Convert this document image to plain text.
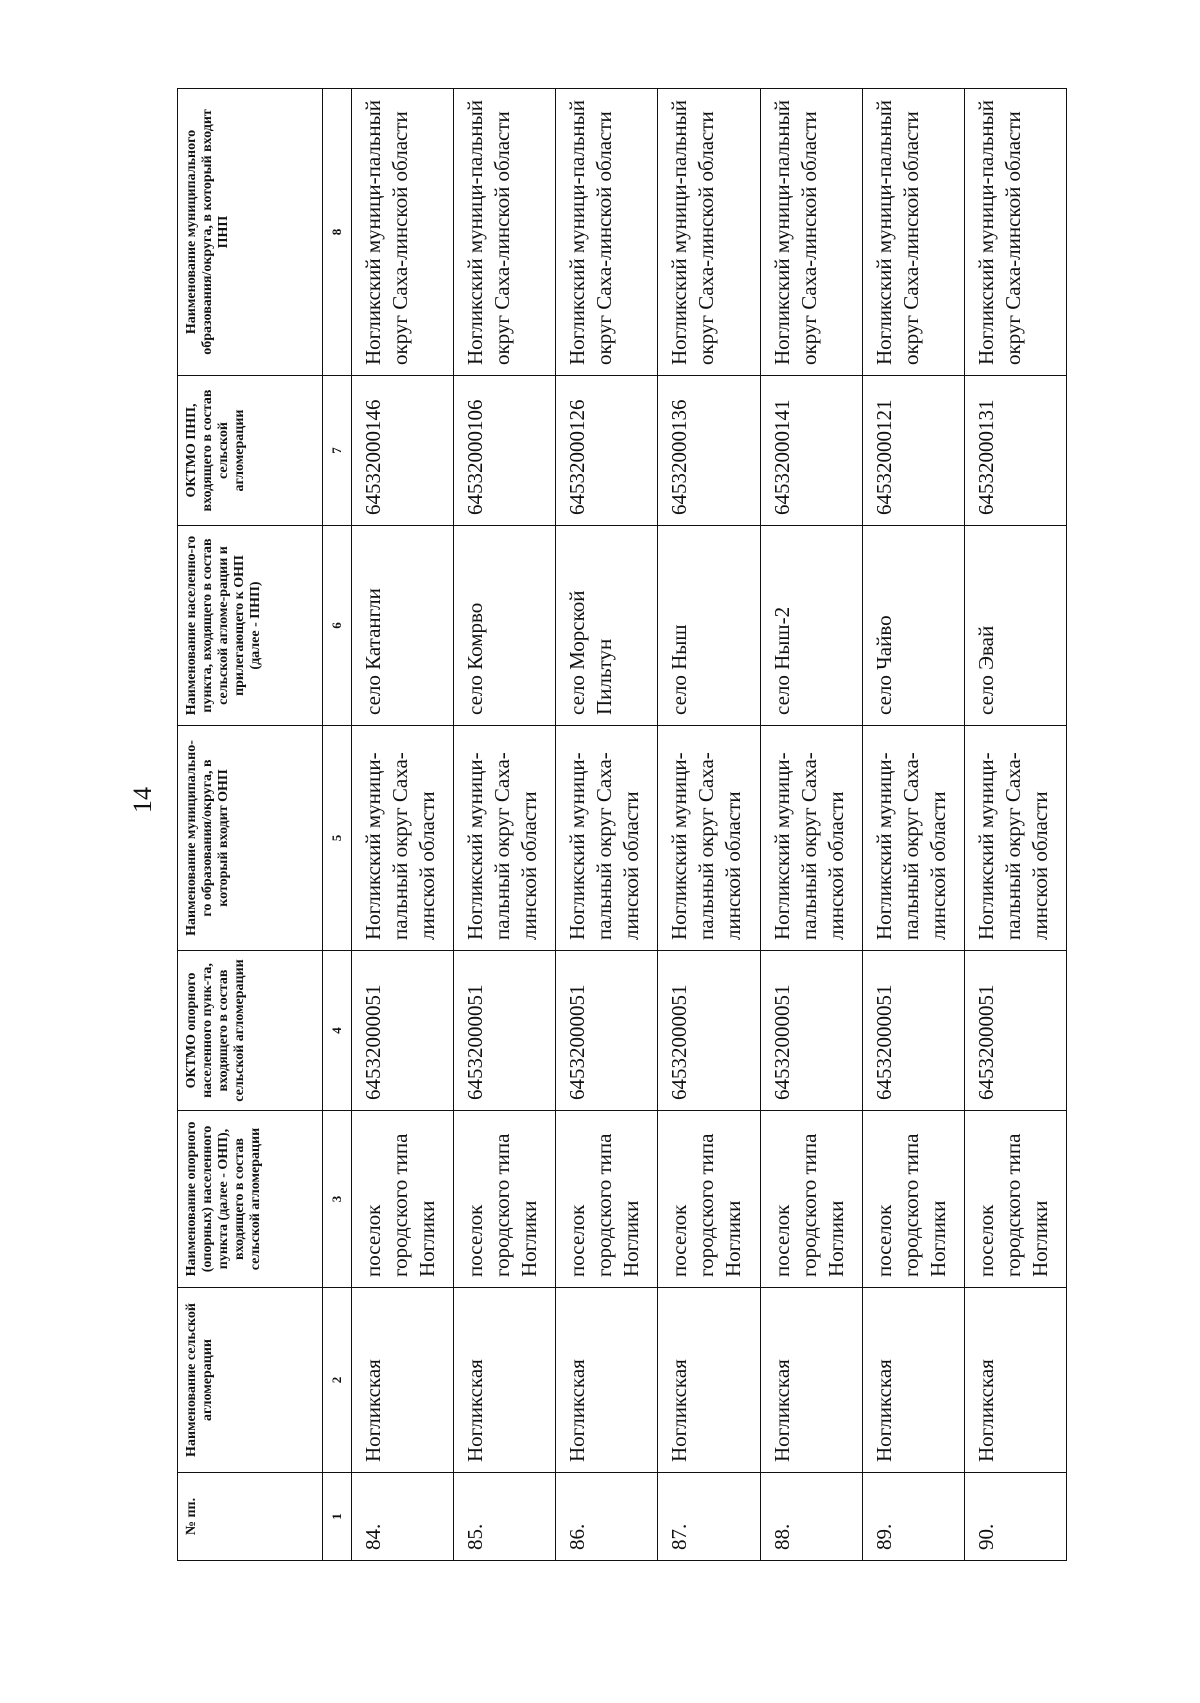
14
№ пп.	Наименование сельской агломерации	Наименование опорного (опорных) населенного пункта (далее - ОНП), входящего в состав сельской агломерации	ОКТМО опорного населенного пунк-та, входящего в состав сельской агломерации	Наименование муниципально-го образования/округа, в который входит ОНП	Наименование населенно-го пункта, входящего в состав сельской агломе-рации и прилегающего к ОНП (далее - ПНП)	ОКТМО ПНП, входящего в состав сельской агломерации	Наименование муниципального образования/округа, в который входит ПНП
1	2	3	4	5	6	7	8
84.	Ногликская	поселок городского типа Ноглики	64532000051	Ногликский муници-пальный округ Саха-линской области	село Катангли	64532000146	Ногликский муници-пальный округ Саха-линской области
85.	Ногликская	поселок городского типа Ноглики	64532000051	Ногликский муници-пальный округ Саха-линской области	село Комрво	64532000106	Ногликский муници-пальный округ Саха-линской области
86.	Ногликская	поселок городского типа Ноглики	64532000051	Ногликский муници-пальный округ Саха-линской области	село Морской Пильтун	64532000126	Ногликский муници-пальный округ Саха-линской области
87.	Ногликская	поселок городского типа Ноглики	64532000051	Ногликский муници-пальный округ Саха-линской области	село Ныш	64532000136	Ногликский муници-пальный округ Саха-линской области
88.	Ногликская	поселок городского типа Ноглики	64532000051	Ногликский муници-пальный округ Саха-линской области	село Ныш-2	64532000141	Ногликский муници-пальный округ Саха-линской области
89.	Ногликская	поселок городского типа Ноглики	64532000051	Ногликский муници-пальный округ Саха-линской области	село Чайво	64532000121	Ногликский муници-пальный округ Саха-линской области
90.	Ногликская	поселок городского типа Ноглики	64532000051	Ногликский муници-пальный округ Саха-линской области	село Эвай	64532000131	Ногликский муници-пальный округ Саха-линской области
